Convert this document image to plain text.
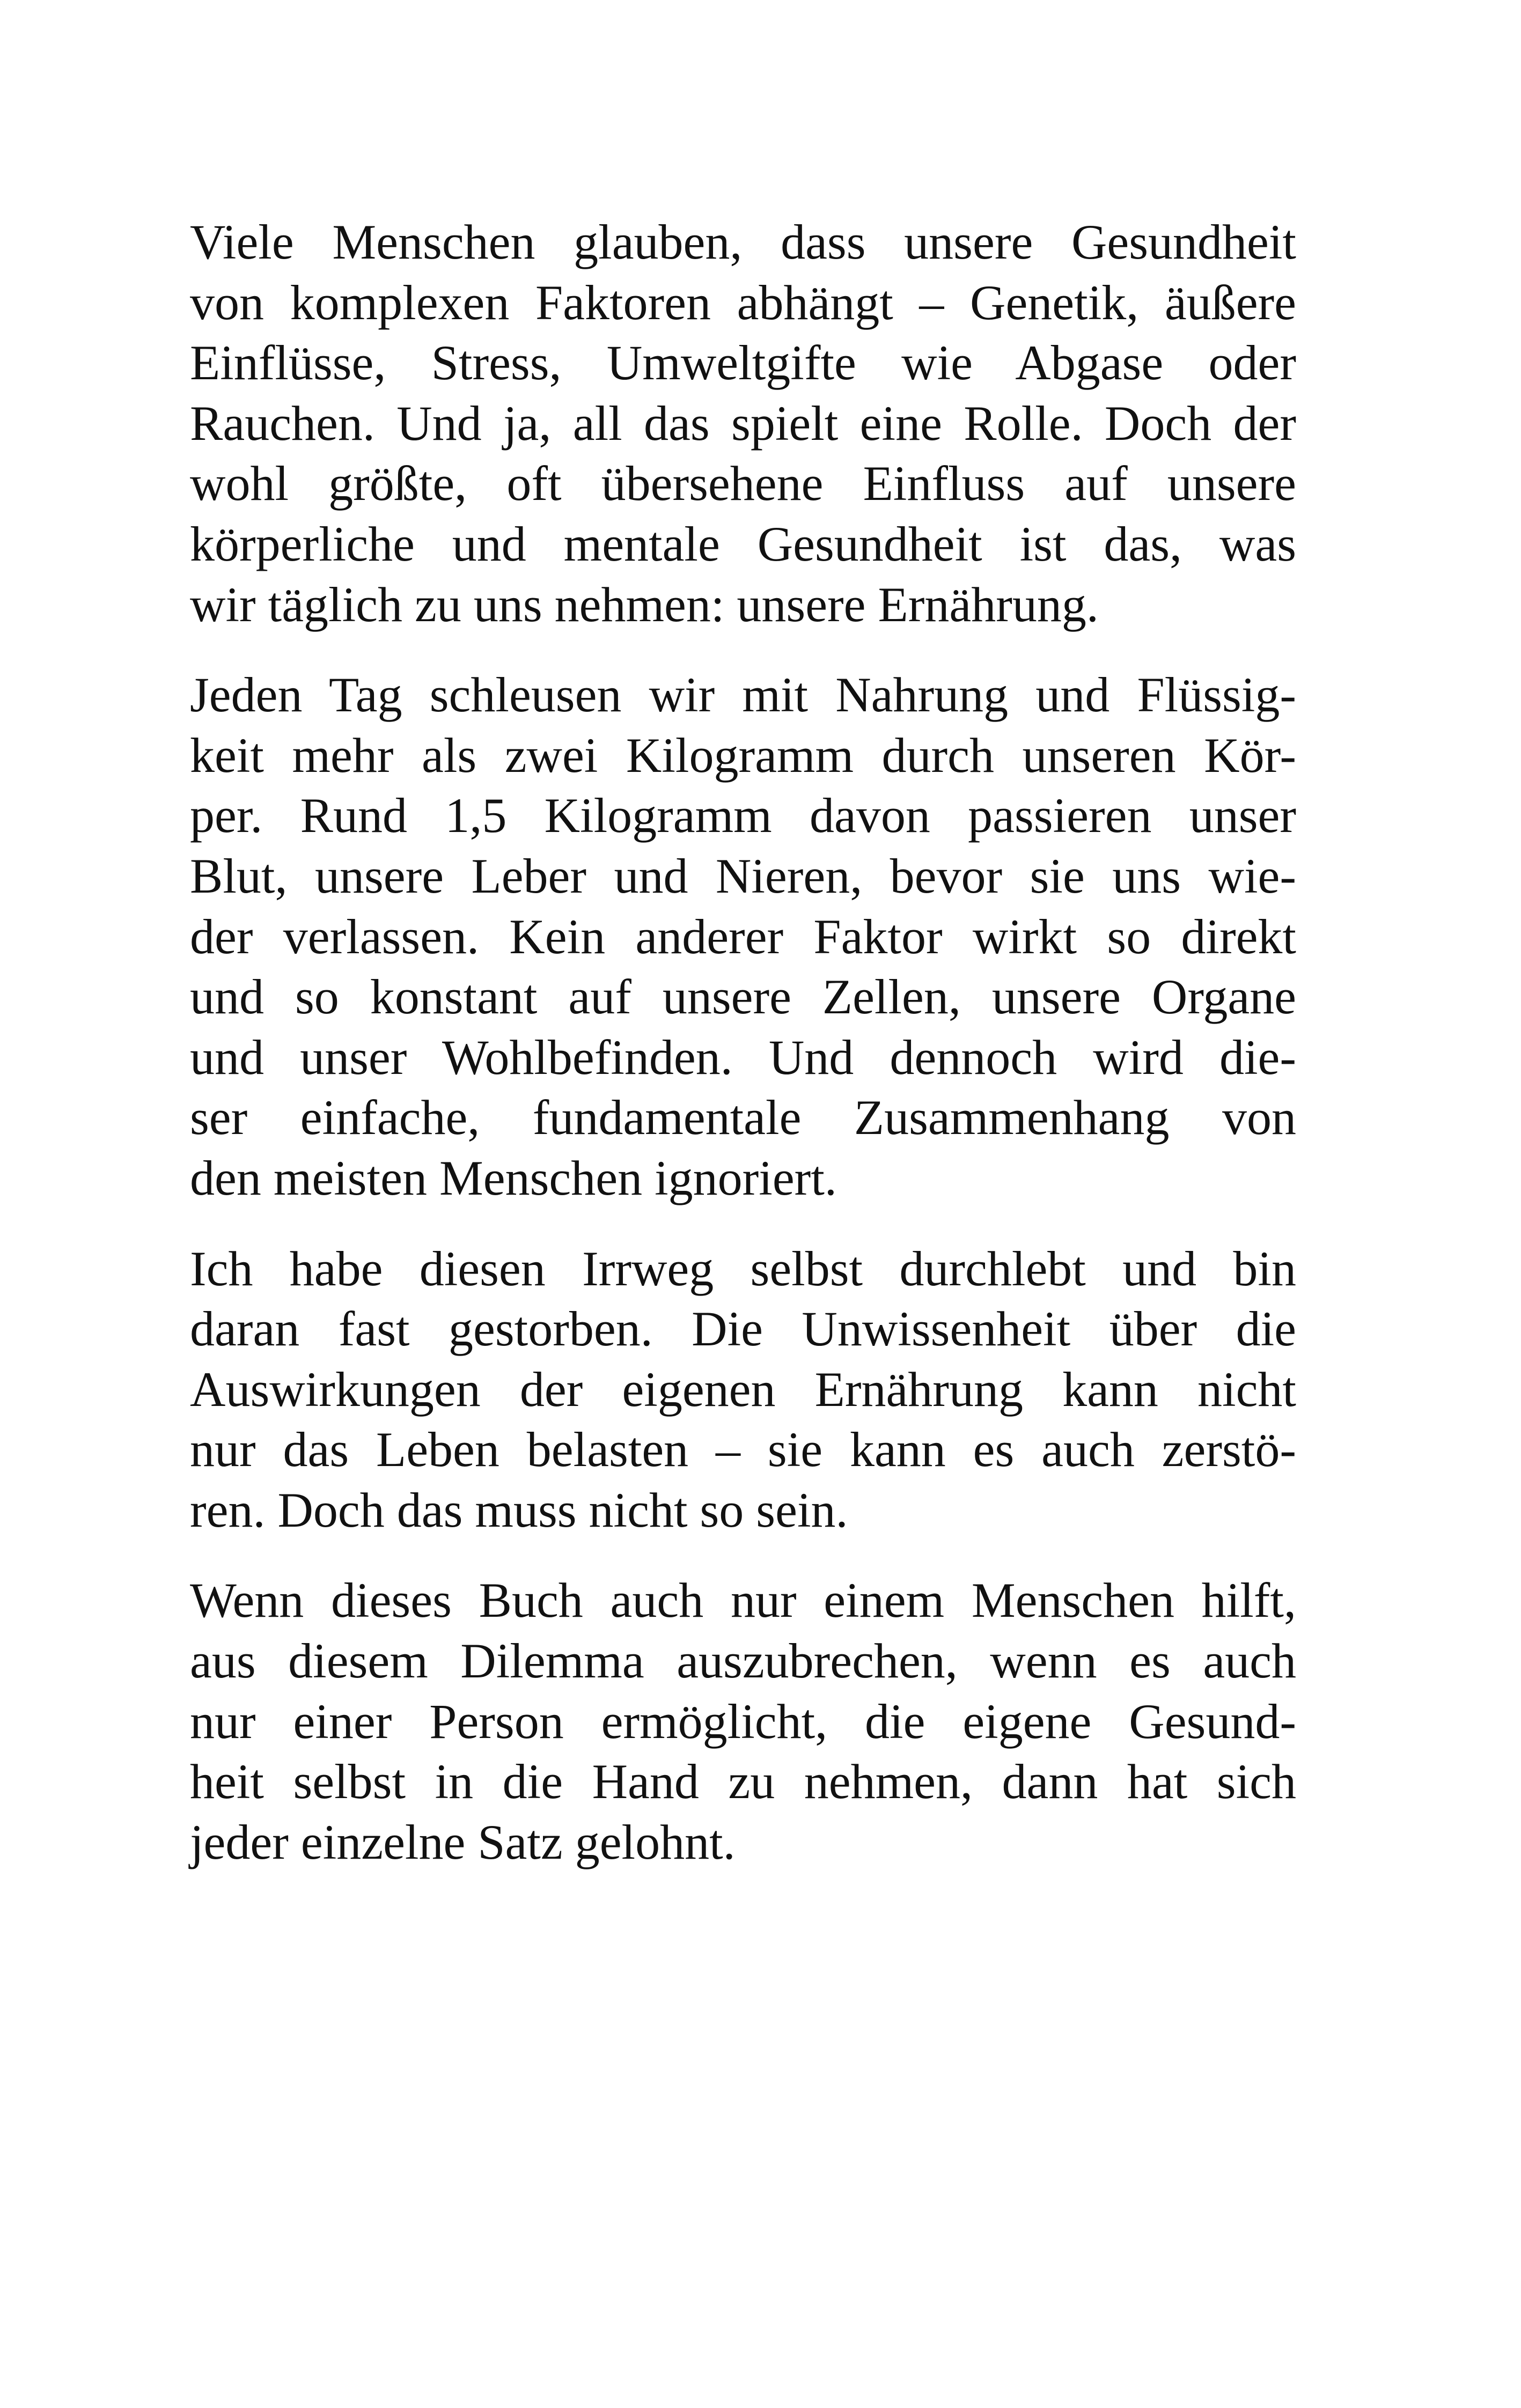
Viele Menschen glauben, dass unsere Gesundheit
von komplexen Faktoren abhängt – Genetik, äußere
Einflüsse, Stress, Umweltgifte wie Abgase oder
Rauchen. Und ja, all das spielt eine Rolle. Doch der
wohl größte, oft übersehene Einfluss auf unsere
körperliche und mentale Gesundheit ist das, was
wir täglich zu uns nehmen: unsere Ernährung.

Jeden Tag schleusen wir mit Nahrung und Flüssig-
keit mehr als zwei Kilogramm durch unseren Kör-
per. Rund 1,5 Kilogramm davon passieren unser
Blut, unsere Leber und Nieren, bevor sie uns wie-
der verlassen. Kein anderer Faktor wirkt so direkt
und so konstant auf unsere Zellen, unsere Organe
und unser Wohlbefinden. Und dennoch wird die-
ser einfache, fundamentale Zusammenhang von
den meisten Menschen ignoriert.

Ich habe diesen Irrweg selbst durchlebt und bin
daran fast gestorben. Die Unwissenheit über die
Auswirkungen der eigenen Ernährung kann nicht
nur das Leben belasten – sie kann es auch zerstö-
ren. Doch das muss nicht so sein.

Wenn dieses Buch auch nur einem Menschen hilft,
aus diesem Dilemma auszubrechen, wenn es auch
nur einer Person ermöglicht, die eigene Gesund-
heit selbst in die Hand zu nehmen, dann hat sich
jeder einzelne Satz gelohnt.
